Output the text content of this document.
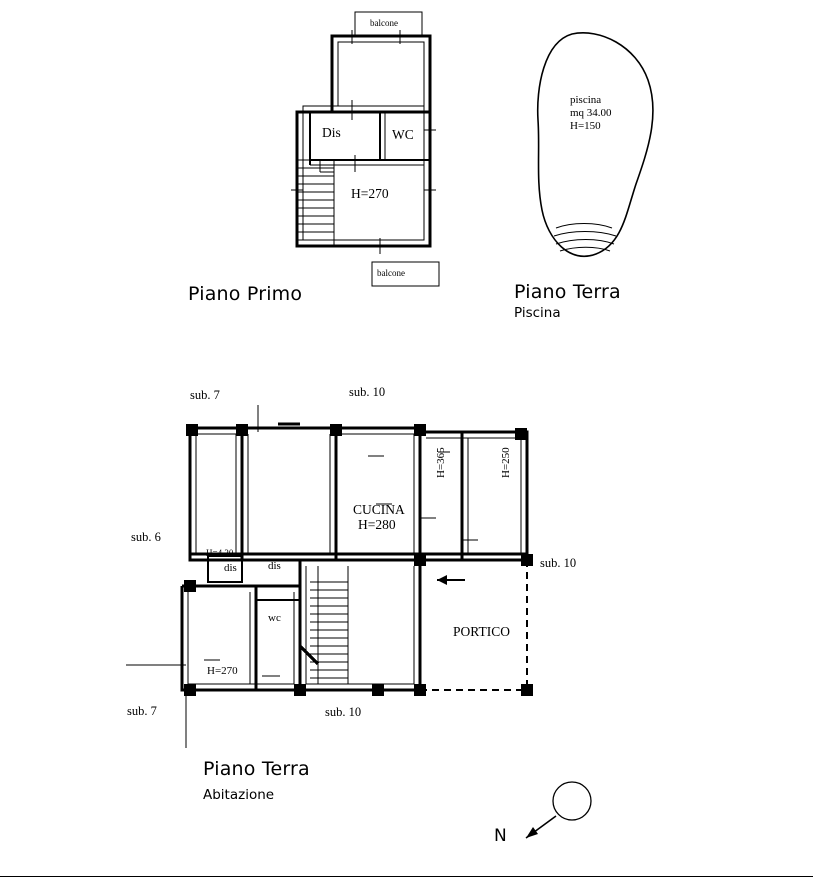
balcone
Dis	WC
H=270
balcone
Piano Primo
piscina
mq 34.00
H=150
Piano Terra
Piscina
sub. 7	sub. 10
sub. 6
sub. 10
sub. 7	sub. 10
CUCINA
H=280
H=365	H=250
H=4.20
dis	dis
wc
H=270
PORTICO
Piano Terra
Abitazione
N
